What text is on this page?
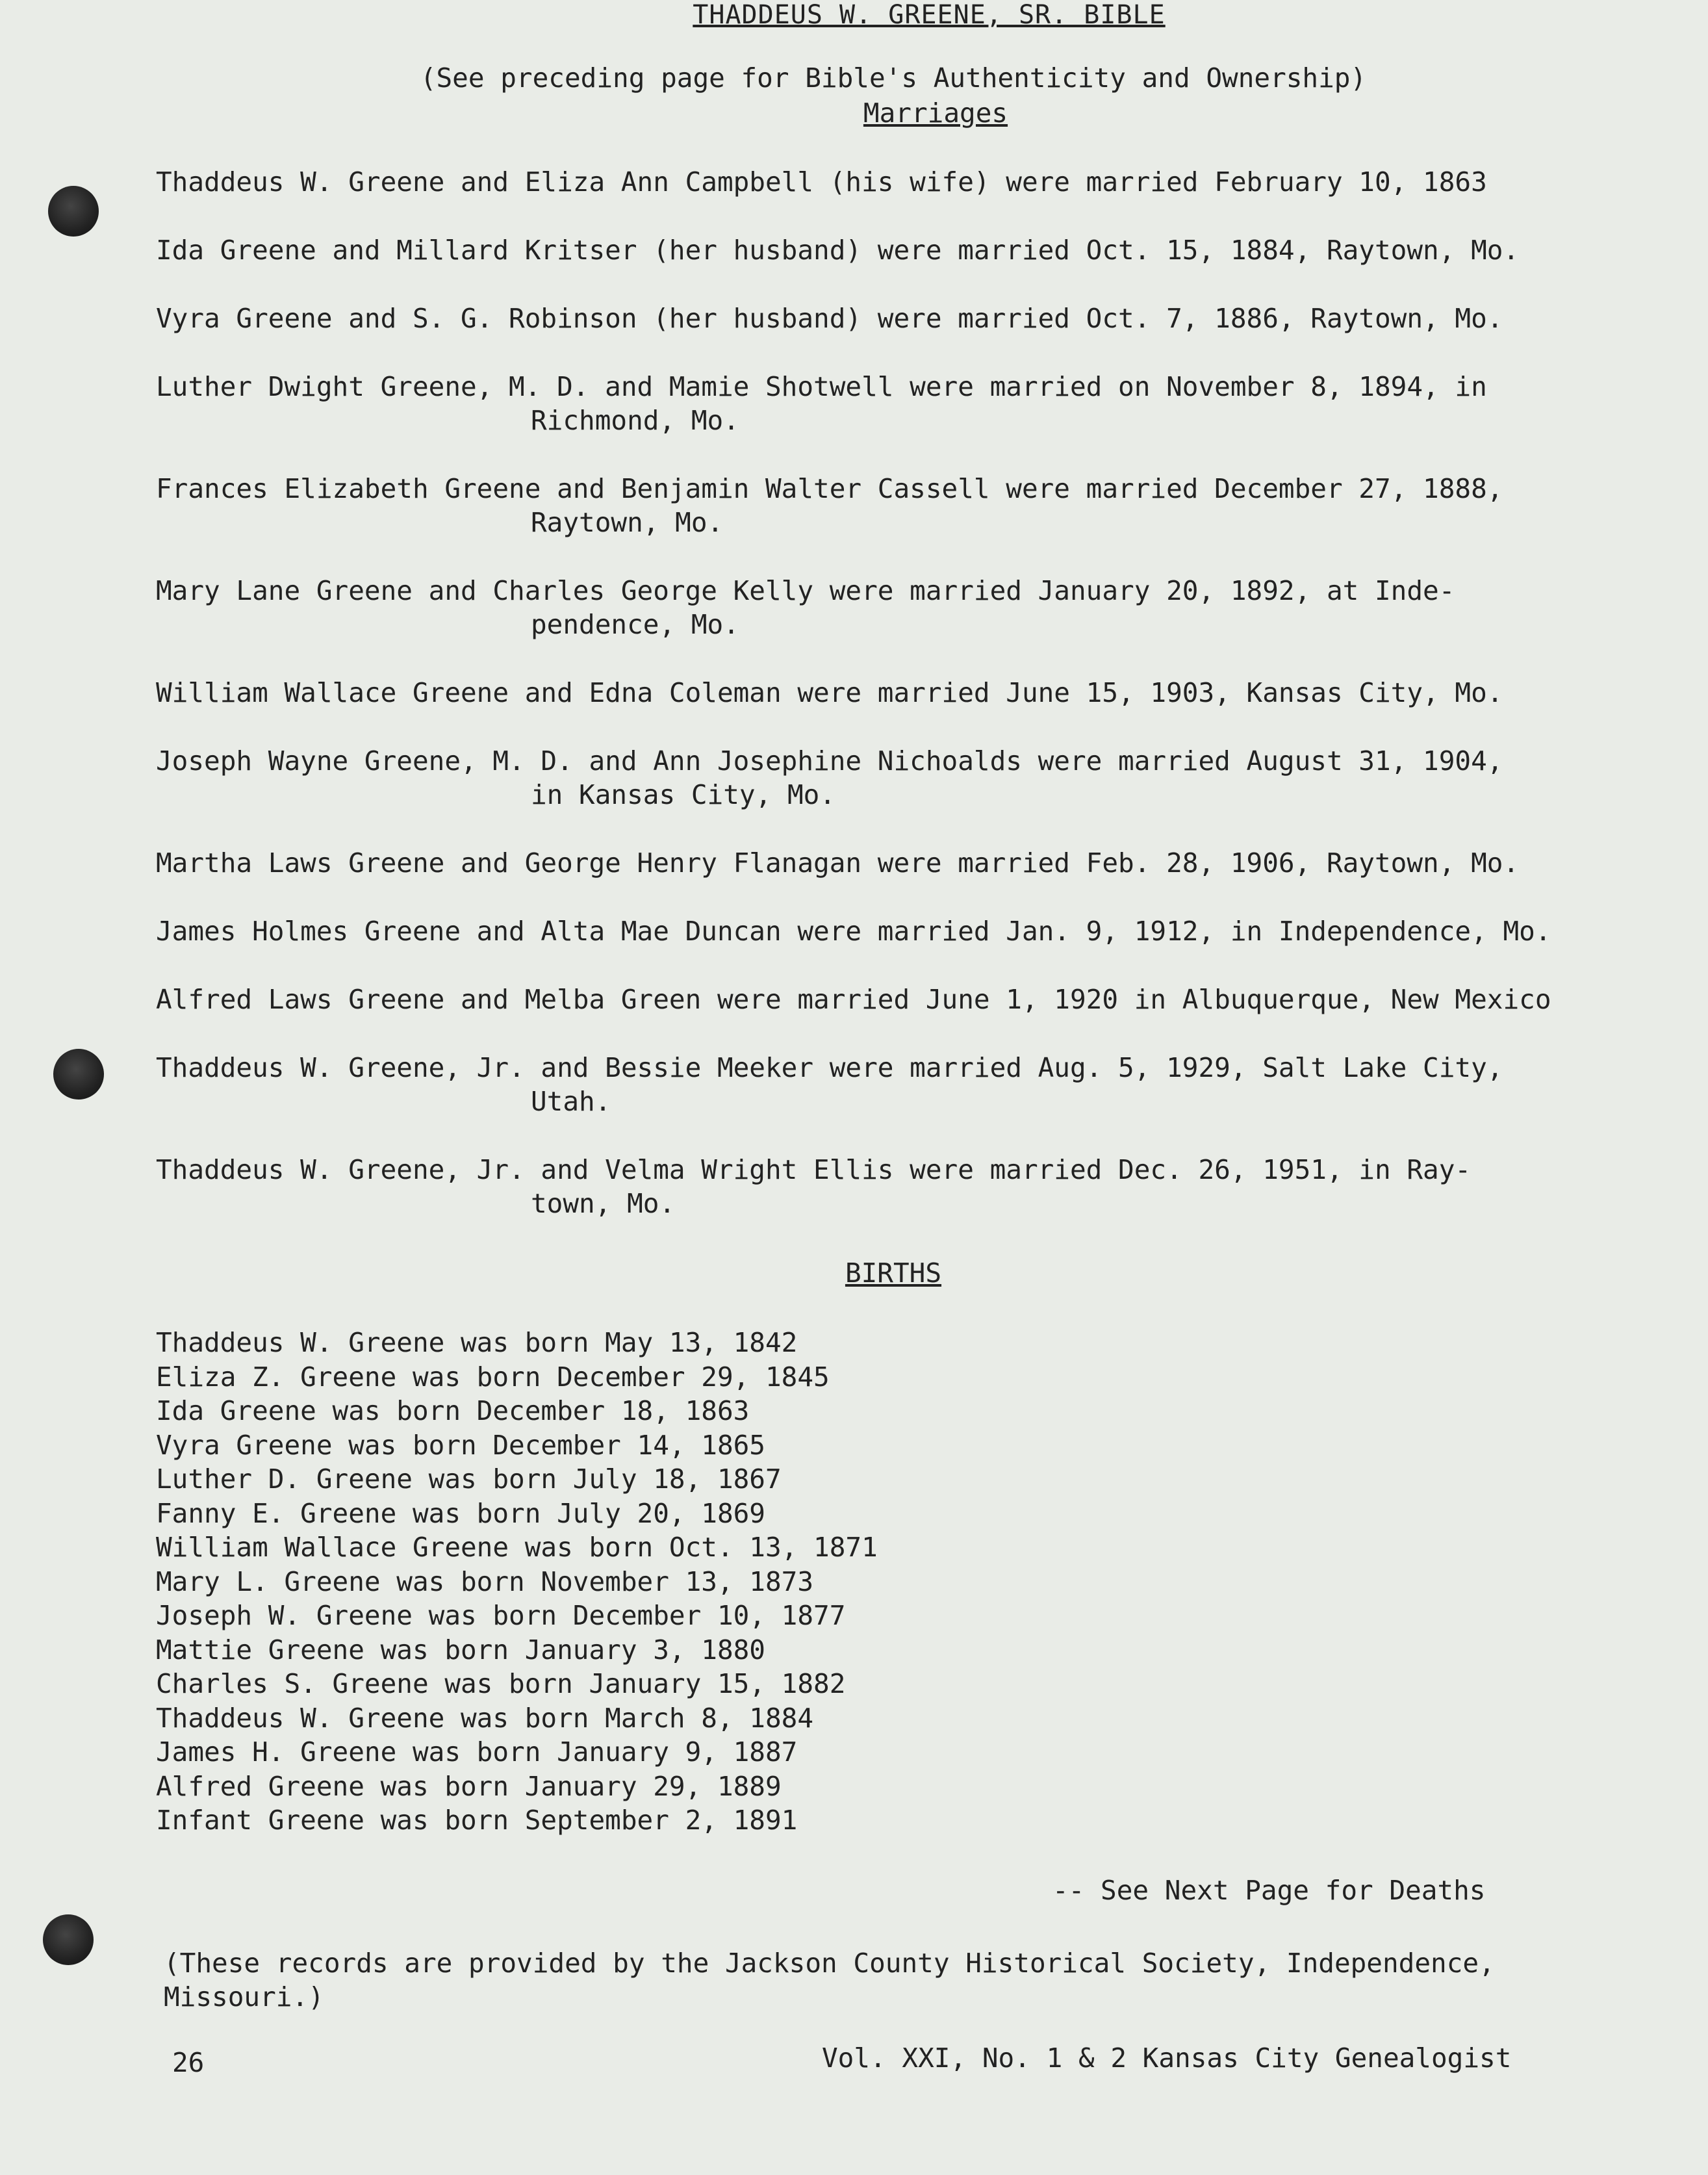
THADDEUS W. GREENE, SR. BIBLE
(See preceding page for Bible's Authenticity and Ownership)
Marriages
Thaddeus W. Greene and Eliza Ann Campbell (his wife) were married February 10, 1863
Ida Greene and Millard Kritser (her husband) were married Oct. 15, 1884, Raytown, Mo.
Vyra Greene and S. G. Robinson (her husband) were married Oct. 7, 1886, Raytown, Mo.
Luther Dwight Greene, M. D. and Mamie Shotwell were married on November 8, 1894, in
Richmond, Mo.
Frances Elizabeth Greene and Benjamin Walter Cassell were married December 27, 1888,
Raytown, Mo.
Mary Lane Greene and Charles George Kelly were married January 20, 1892, at Inde-
pendence, Mo.
William Wallace Greene and Edna Coleman were married June 15, 1903, Kansas City, Mo.
Joseph Wayne Greene, M. D. and Ann Josephine Nichoalds were married August 31, 1904,
in Kansas City, Mo.
Martha Laws Greene and George Henry Flanagan were married Feb. 28, 1906, Raytown, Mo.
James Holmes Greene and Alta Mae Duncan were married Jan. 9, 1912, in Independence, Mo.
Alfred Laws Greene and Melba Green were married June 1, 1920 in Albuquerque, New Mexico
Thaddeus W. Greene, Jr. and Bessie Meeker were married Aug. 5, 1929, Salt Lake City,
Utah.
Thaddeus W. Greene, Jr. and Velma Wright Ellis were married Dec. 26, 1951, in Ray-
town, Mo.
BIRTHS
Thaddeus W. Greene was born May 13, 1842
Eliza Z. Greene was born December 29, 1845
Ida Greene was born December 18, 1863
Vyra Greene was born December 14, 1865
Luther D. Greene was born July 18, 1867
Fanny E. Greene was born July 20, 1869
William Wallace Greene was born Oct. 13, 1871
Mary L. Greene was born November 13, 1873
Joseph W. Greene was born December 10, 1877
Mattie Greene was born January 3, 1880
Charles S. Greene was born January 15, 1882
Thaddeus W. Greene was born March 8, 1884
James H. Greene was born January 9, 1887
Alfred Greene was born January 29, 1889
Infant Greene was born September 2, 1891
-- See Next Page for Deaths
(These records are provided by the Jackson County Historical Society, Independence, Missouri.)
26	Vol. XXI, No. 1 & 2 Kansas City Genealogist
